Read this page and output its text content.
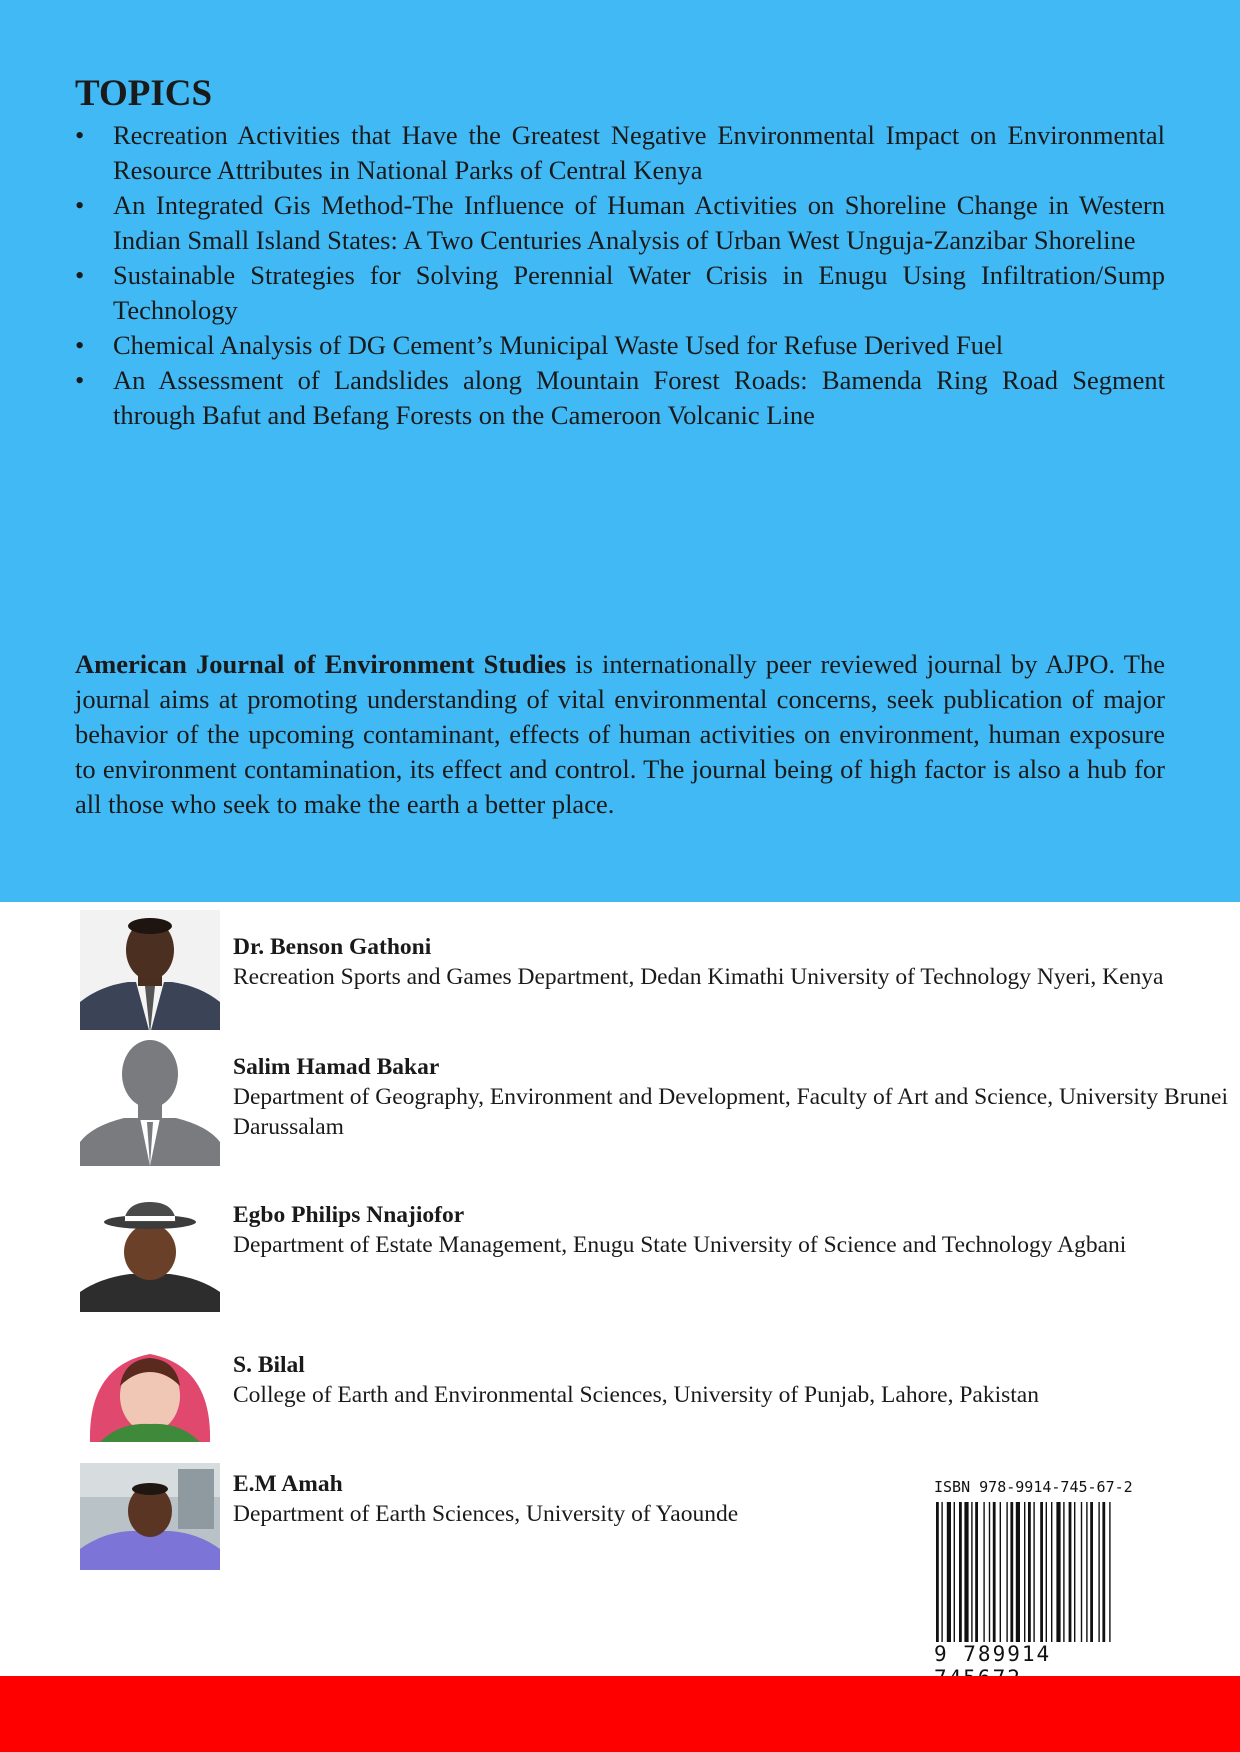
TOPICS
• Recreation Activities that Have the Greatest Negative Environmental Impact on Environmental Resource Attributes in National Parks of Central Kenya
• An Integrated Gis Method-The Influence of Human Activities on Shoreline Change in Western Indian Small Island States: A Two Centuries Analysis of Urban West Unguja-Zanzibar Shoreline
• Sustainable Strategies for Solving Perennial Water Crisis in Enugu Using Infiltration/Sump Technology
• Chemical Analysis of DG Cement’s Municipal Waste Used for Refuse Derived Fuel
• An Assessment of Landslides along Mountain Forest Roads: Bamenda Ring Road Segment through Bafut and Befang Forests on the Cameroon Volcanic Line

American Journal of Environment Studies is internationally peer reviewed journal by AJPO. The journal aims at promoting understanding of vital environmental concerns, seek publication of major behavior of the upcoming contaminant, effects of human activities on environment, human exposure to environment contamination, its effect and control. The journal being of high factor is also a hub for all those who seek to make the earth a better place.

Dr. Benson Gathoni
Recreation Sports and Games Department, Dedan Kimathi University of Technology Nyeri, Kenya
Salim Hamad Bakar
Department of Geography, Environment and Development, Faculty of Art and Science, University Brunei Darussalam
Egbo Philips Nnajiofor
Department of Estate Management, Enugu State University of Science and Technology Agbani
S. Bilal
College of Earth and Environmental Sciences, University of Punjab, Lahore, Pakistan
E.M Amah
Department of Earth Sciences, University of Yaounde
ISBN 978-9914-745-67-2
9 789914
